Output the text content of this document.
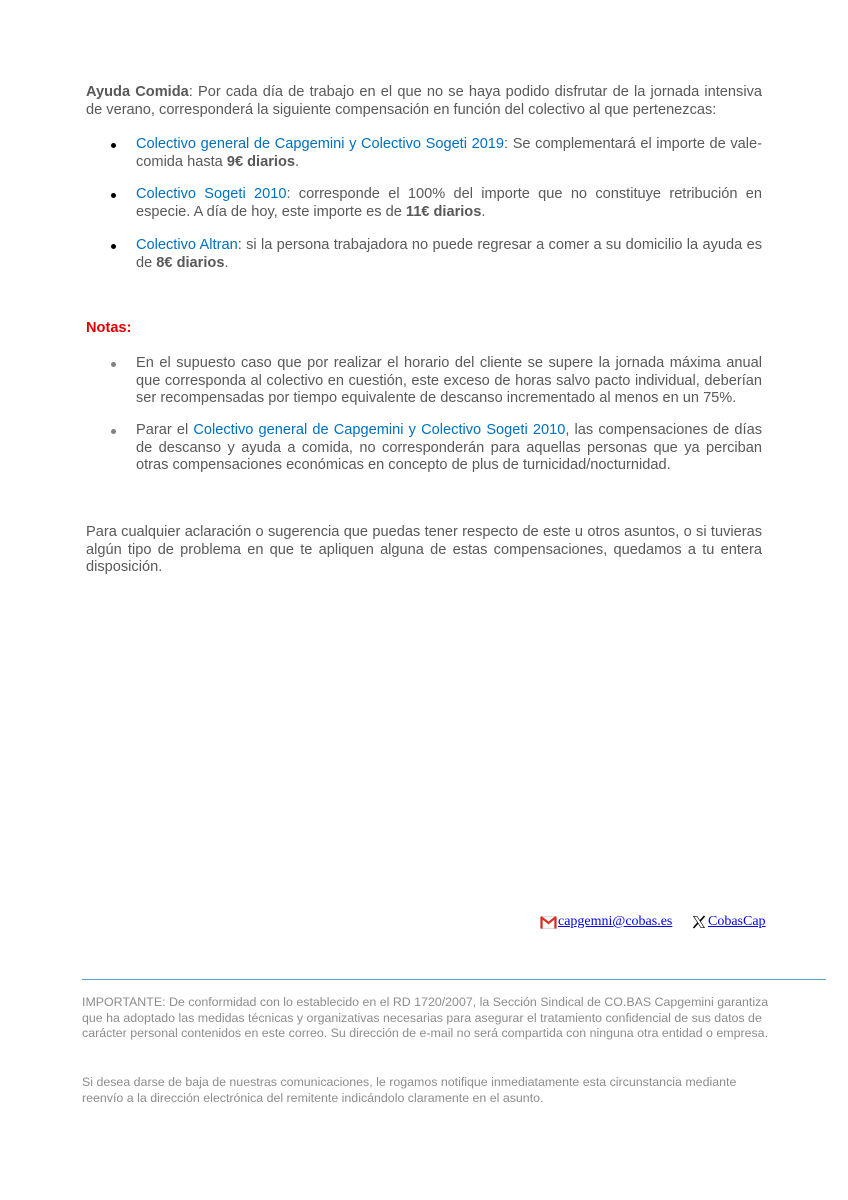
Ayuda Comida: Por cada día de trabajo en el que no se haya podido disfrutar de la jornada intensiva de verano, corresponderá la siguiente compensación en función del colectivo al que pertenezcas:

Colectivo general de Capgemini y Colectivo Sogeti 2019: Se complementará el importe de vale-comida hasta 9€ diarios.
Colectivo Sogeti 2010: corresponde el 100% del importe que no constituye retribución en especie. A día de hoy, este importe es de 11€ diarios.
Colectivo Altran: si la persona trabajadora no puede regresar a comer a su domicilio la ayuda es de 8€ diarios.
Notas:
En el supuesto caso que por realizar el horario del cliente se supere la jornada máxima anual que corresponda al colectivo en cuestión, este exceso de horas salvo pacto individual, deberían ser recompensadas por tiempo equivalente de descanso incrementado al menos en un 75%.
Parar el Colectivo general de Capgemini y Colectivo Sogeti 2010, las compensaciones de días de descanso y ayuda a comida, no corresponderán para aquellas personas que ya perciban otras compensaciones económicas en concepto de plus de turnicidad/nocturnidad.

Para cualquier aclaración o sugerencia que puedas tener respecto de este u otros asuntos, o si tuvieras algún tipo de problema en que te apliquen alguna de estas compensaciones, quedamos a tu entera disposición.

capgemni@cobas.es	CobasCap

IMPORTANTE: De conformidad con lo establecido en el RD 1720/2007, la Sección Sindical de CO.BAS Capgemini garantiza que ha adoptado las medidas técnicas y organizativas necesarias para asegurar el tratamiento confidencial de sus datos de carácter personal contenidos en este correo. Su dirección de e-mail no será compartida con ninguna otra entidad o empresa.

Si desea darse de baja de nuestras comunicaciones, le rogamos notifique inmediatamente esta circunstancia mediante reenvío a la dirección electrónica del remitente indicándolo claramente en el asunto.
